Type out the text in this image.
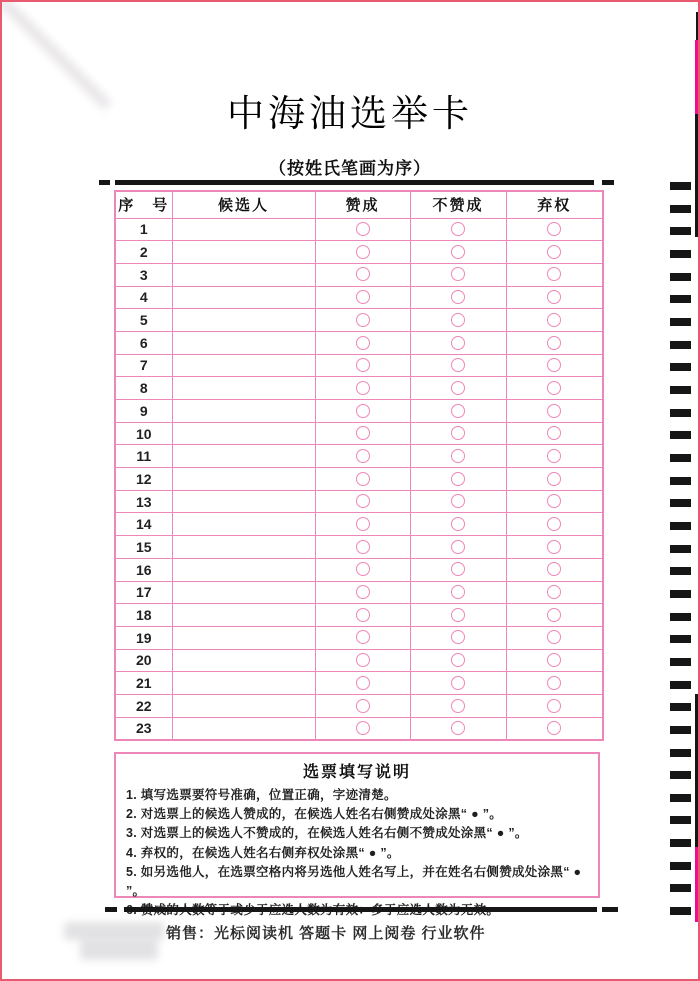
中海油选举卡
（按姓氏笔画为序）
序　号	候选人	赞成	不赞成	弃权
1				
2				
3				
4				
5				
6				
7				
8				
9				
10				
11				
12				
13				
14				
15				
16				
17				
18				
19				
20				
21				
22				
23				
选票填写说明
1. 填写选票要符号准确，位置正确，字迹清楚。
2. 对选票上的候选人赞成的，在候选人姓名右侧赞成处涂黑“ ● ”。
3. 对选票上的候选人不赞成的，在候选人姓名右侧不赞成处涂黑“ ● ”。
4. 弃权的，在候选人姓名右侧弃权处涂黑“ ● ”。
5. 如另选他人，在选票空格内将另选他人姓名写上，并在姓名右侧赞成处涂黑“ ● ”。
销售：光标阅读机 答题卡 网上阅卷 行业软件
